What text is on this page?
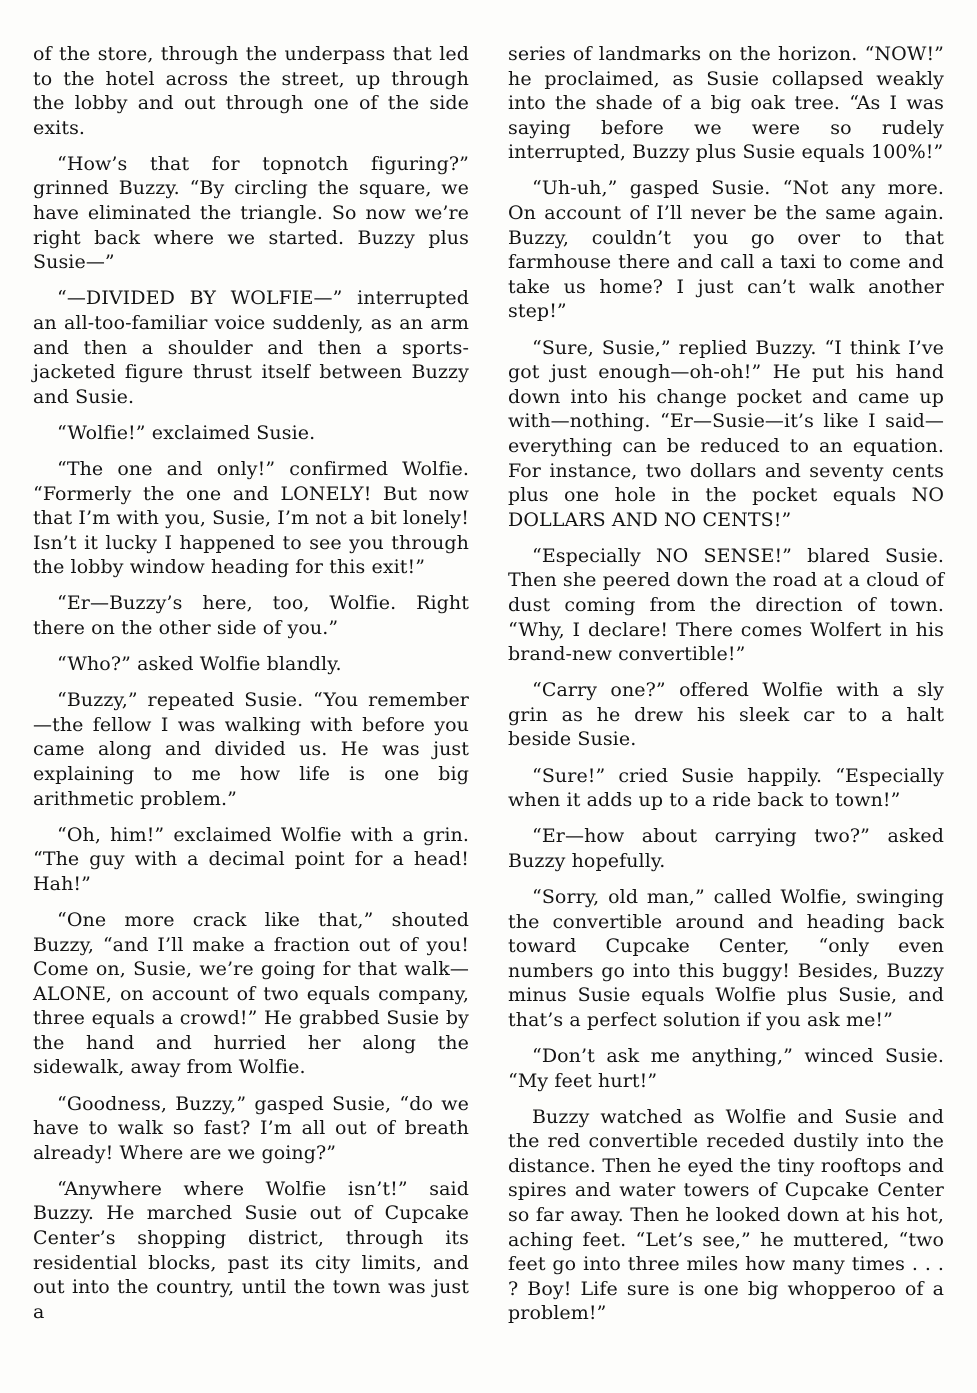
of the store, through the underpass that led to the hotel across the street, up through the lobby and out through one of the side exits.

“How’s that for topnotch figuring?” grinned Buzzy. “By circling the square, we have eliminated the triangle. So now we’re right back where we started. Buzzy plus Susie—”

“—DIVIDED BY WOLFIE—” interrupted an all-too-familiar voice suddenly, as an arm and then a shoulder and then a sports-jacketed figure thrust itself between Buzzy and Susie.

“Wolfie!” exclaimed Susie.

“The one and only!” confirmed Wolfie. “Formerly the one and LONELY! But now that I’m with you, Susie, I’m not a bit lonely! Isn’t it lucky I happened to see you through the lobby window heading for this exit!”

“Er—Buzzy’s here, too, Wolfie. Right there on the other side of you.”

“Who?” asked Wolfie blandly.

“Buzzy,” repeated Susie. “You remember—the fellow I was walking with before you came along and divided us. He was just explaining to me how life is one big arithmetic problem.”

“Oh, him!” exclaimed Wolfie with a grin. “The guy with a decimal point for a head! Hah!”

“One more crack like that,” shouted Buzzy, “and I’ll make a fraction out of you! Come on, Susie, we’re going for that walk—ALONE, on account of two equals company, three equals a crowd!” He grabbed Susie by the hand and hurried her along the sidewalk, away from Wolfie.

“Goodness, Buzzy,” gasped Susie, “do we have to walk so fast? I’m all out of breath already! Where are we going?”

“Anywhere where Wolfie isn’t!” said Buzzy. He marched Susie out of Cupcake Center’s shopping district, through its residential blocks, past its city limits, and out into the country, until the town was just a

series of landmarks on the horizon. “NOW!” he proclaimed, as Susie collapsed weakly into the shade of a big oak tree. “As I was saying before we were so rudely interrupted, Buzzy plus Susie equals 100%!”

“Uh-uh,” gasped Susie. “Not any more. On account of I’ll never be the same again. Buzzy, couldn’t you go over to that farmhouse there and call a taxi to come and take us home? I just can’t walk another step!”

“Sure, Susie,” replied Buzzy. “I think I’ve got just enough—oh-oh!” He put his hand down into his change pocket and came up with—nothing. “Er—Susie—it’s like I said—everything can be reduced to an equation. For instance, two dollars and seventy cents plus one hole in the pocket equals NO DOLLARS AND NO CENTS!”

“Especially NO SENSE!” blared Susie. Then she peered down the road at a cloud of dust coming from the direction of town. “Why, I declare! There comes Wolfert in his brand-new convertible!”

“Carry one?” offered Wolfie with a sly grin as he drew his sleek car to a halt beside Susie.

“Sure!” cried Susie happily. “Especially when it adds up to a ride back to town!”

“Er—how about carrying two?” asked Buzzy hopefully.

“Sorry, old man,” called Wolfie, swinging the convertible around and heading back toward Cupcake Center, “only even numbers go into this buggy! Besides, Buzzy minus Susie equals Wolfie plus Susie, and that’s a perfect solution if you ask me!”

“Don’t ask me anything,” winced Susie. “My feet hurt!”

Buzzy watched as Wolfie and Susie and the red convertible receded dustily into the distance. Then he eyed the tiny rooftops and spires and water towers of Cupcake Center so far away. Then he looked down at his hot, aching feet. “Let’s see,” he muttered, “two feet go into three miles how many times . . . ? Boy! Life sure is one big whopperoo of a problem!”
